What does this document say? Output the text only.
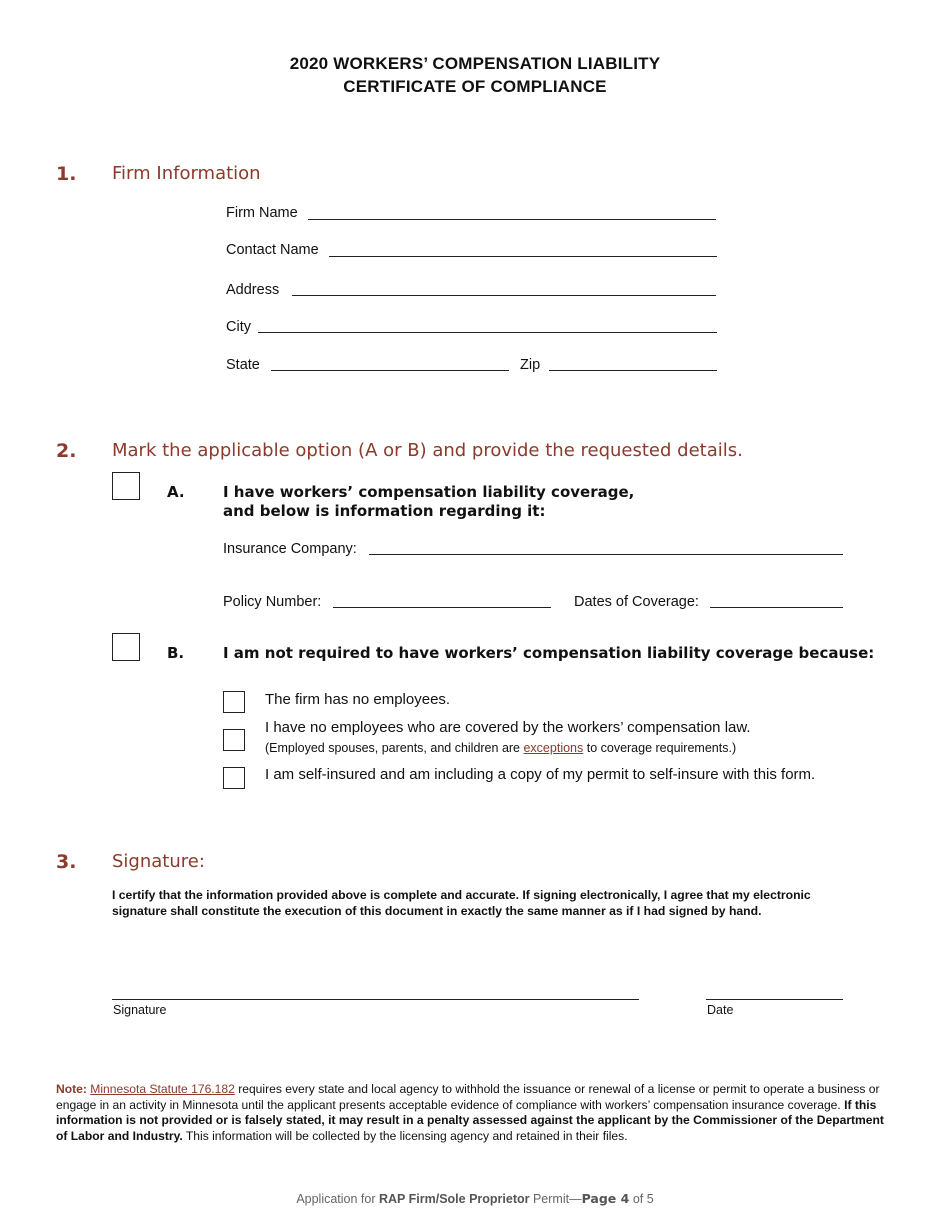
2020 WORKERS’ COMPENSATION LIABILITY
CERTIFICATE OF COMPLIANCE
1. Firm Information
Firm Name
Contact Name
Address
City
State	Zip
2. Mark the applicable option (A or B) and provide the requested details.
A.	I have workers’ compensation liability coverage,
and below is information regarding it:
Insurance Company:
Policy Number:	Dates of Coverage:
B.	I am not required to have workers’ compensation liability coverage because:
The firm has no employees.
I have no employees who are covered by the workers’ compensation law.
(Employed spouses, parents, and children are exceptions to coverage requirements.)
I am self-insured and am including a copy of my permit to self-insure with this form.
3. Signature:
I certify that the information provided above is complete and accurate. If signing electronically, I agree that my electronic signature shall constitute the execution of this document in exactly the same manner as if I had signed by hand.
Signature	Date
Note: Minnesota Statute 176.182 requires every state and local agency to withhold the issuance or renewal of a license or permit to operate a business or engage in an activity in Minnesota until the applicant presents acceptable evidence of compliance with workers’ compensation insurance coverage. If this information is not provided or is falsely stated, it may result in a penalty assessed against the applicant by the Commissioner of the Department of Labor and Industry. This information will be collected by the licensing agency and retained in their files.
Application for RAP Firm/Sole Proprietor Permit—Page 4 of 5
